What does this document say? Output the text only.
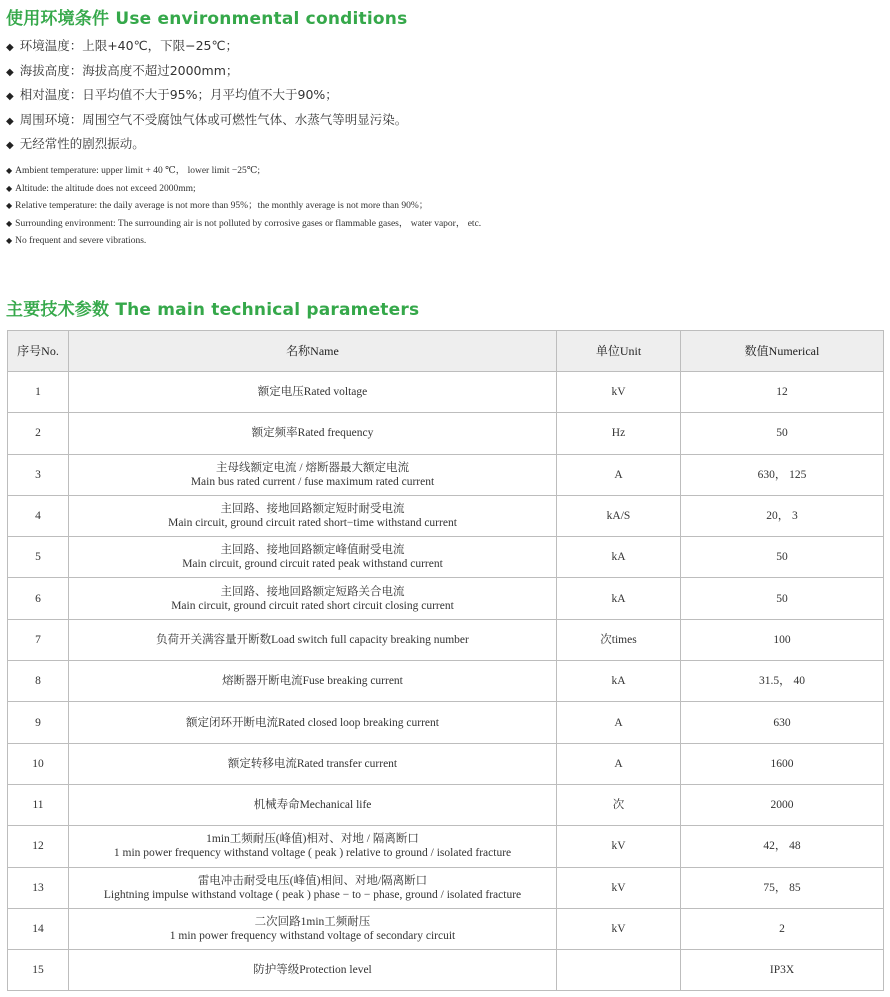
使用环境条件 Use environmental conditions
◆ 环境温度：上限+40℃，下限−25℃；
◆ 海拔高度：海拔高度不超过2000mm；
◆ 相对温度：日平均值不大于95%；月平均值不大于90%；
◆ 周围环境：周围空气不受腐蚀气体或可燃性气体、水蒸气等明显污染。
◆ 无经常性的剧烈振动。
◆ Ambient temperature: upper limit + 40 ℃， lower limit −25℃;
◆ Altitude: the altitude does not exceed 2000mm;
◆ Relative temperature: the daily average is not more than 95%；the monthly average is not more than 90%；
◆ Surrounding environment: The surrounding air is not polluted by corrosive gases or flammable gases， water vapor， etc.
◆ No frequent and severe vibrations.
主要技术参数 The main technical parameters
序号No.	名称Name	单位Unit	数值Numerical
1	额定电压Rated voltage	kV	12
2	额定频率Rated frequency	Hz	50
3	主母线额定电流 / 熔断器最大额定电流
Main bus rated current / fuse maximum rated current	A	630， 125
4	主回路、接地回路额定短时耐受电流
Main circuit, ground circuit rated short−time withstand current	kA/S	20， 3
5	主回路、接地回路额定峰值耐受电流
Main circuit, ground circuit rated peak withstand current	kA	50
6	主回路、接地回路额定短路关合电流
Main circuit, ground circuit rated short circuit closing current	kA	50
7	负荷开关满容量开断数Load switch full capacity breaking number	次times	100
8	熔断器开断电流Fuse breaking current	kA	31.5， 40
9	额定闭环开断电流Rated closed loop breaking current	A	630
10	额定转移电流Rated transfer current	A	1600
11	机械寿命Mechanical life	次	2000
12	1min工频耐压(峰值)相对、对地 / 隔离断口
1 min power frequency withstand voltage ( peak ) relative to ground / isolated fracture	kV	42， 48
13	雷电冲击耐受电压(峰值)相间、对地/隔离断口
Lightning impulse withstand voltage ( peak ) phase − to − phase, ground / isolated fracture	kV	75， 85
14	二次回路1min工频耐压
1 min power frequency withstand voltage of secondary circuit	kV	2
15	防护等级Protection level		IP3X
